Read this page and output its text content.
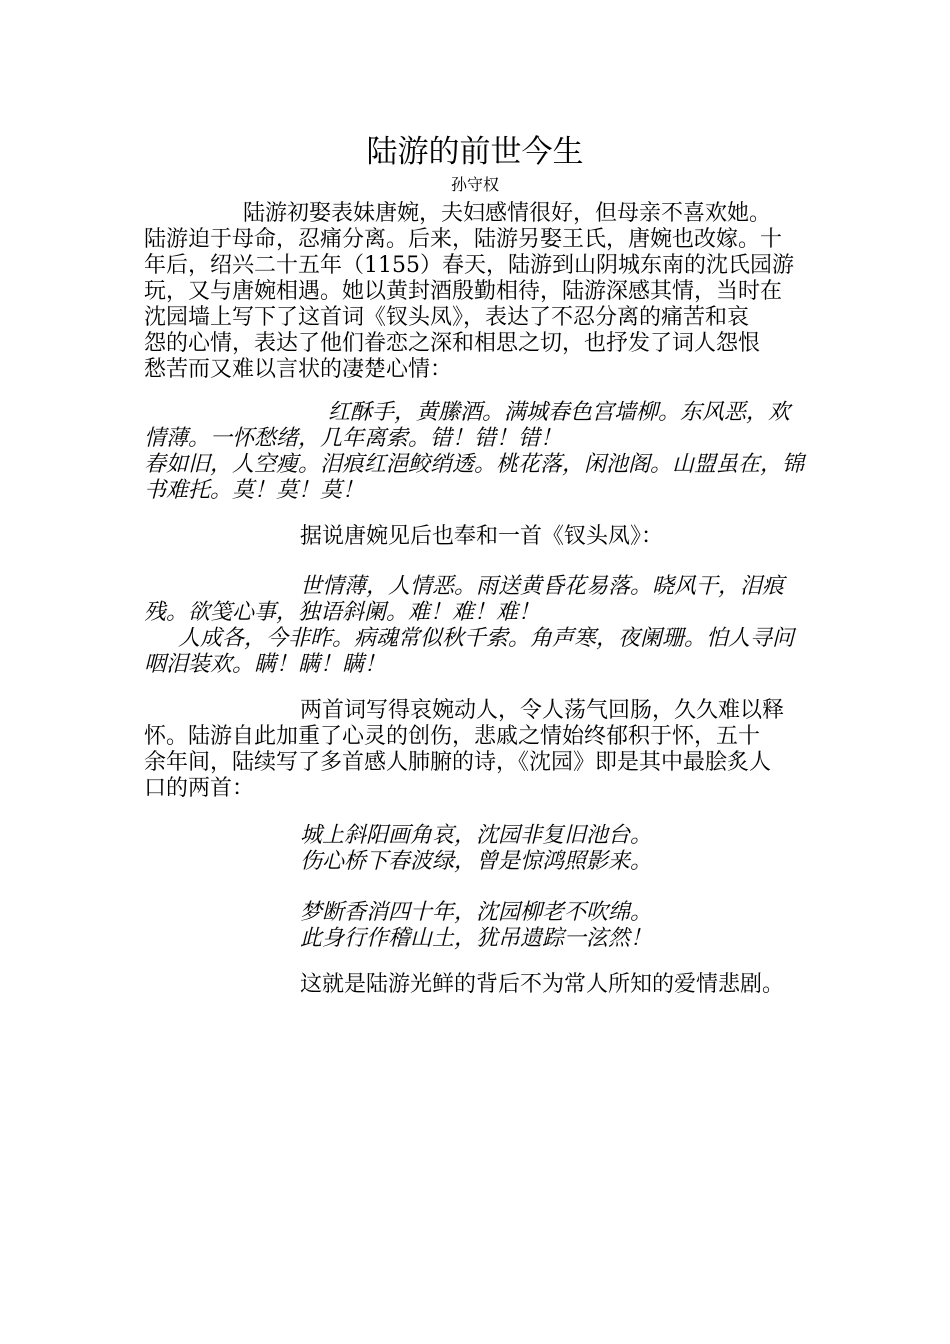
陆游的前世今生
孙守权
陆游初娶表妹唐婉，夫妇感情很好，但母亲不喜欢她。
陆游迫于母命，忍痛分离。后来，陆游另娶王氏，唐婉也改嫁。十
年后，绍兴二十五年（1155）春天，陆游到山阴城东南的沈氏园游
玩，又与唐婉相遇。她以黄封酒殷勤相待，陆游深感其情，当时在
沈园墙上写下了这首词《钗头凤》，表达了不忍分离的痛苦和哀
怨的心情，表达了他们眷恋之深和相思之切，也抒发了词人怨恨
愁苦而又难以言状的凄楚心情：
红酥手，黄縢酒。满城春色宫墙柳。东风恶，欢
情薄。一怀愁绪，几年离索。错！错！错！
春如旧，人空瘦。泪痕红浥鲛绡透。桃花落，闲池阁。山盟虽在，锦
书难托。莫！莫！莫！
据说唐婉见后也奉和一首《钗头凤》：
世情薄，人情恶。雨送黄昏花易落。晓风干，泪痕
残。欲笺心事，独语斜阑。难！难！难！
人成各，今非昨。病魂常似秋千索。角声寒，夜阑珊。怕人寻问
咽泪装欢。瞒！瞒！瞒！
两首词写得哀婉动人，令人荡气回肠，久久难以释
怀。陆游自此加重了心灵的创伤，悲戚之情始终郁积于怀，五十
余年间，陆续写了多首感人肺腑的诗，《沈园》即是其中最脍炙人
口的两首：
城上斜阳画角哀，沈园非复旧池台。
伤心桥下春波绿，曾是惊鸿照影来。
梦断香消四十年，沈园柳老不吹绵。
此身行作稽山土，犹吊遗踪一泫然！
这就是陆游光鲜的背后不为常人所知的爱情悲剧。
